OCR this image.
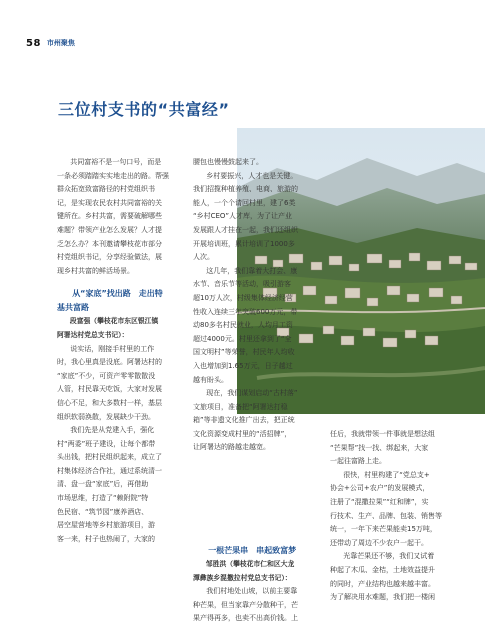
58 市州聚焦
三位村支书的“共富经”

共同富裕不是一句口号，而是

一条必须踏踏实实地走出的路。帮强

群众拓宽致富路径的村党组织书

记，是实现农民农村共同富裕的关

键所在。乡村共富，需要破解哪些

难题？带领产业怎么发展？人才提

乏怎么办？本刊邀请攀枝花市部分

村党组织书记，分享经验做法，展

现乡村共富的鲜活场景。

从“家底”找出路　走出特

基共富路

段富强（攀枝花市东区银江镇

阿署达村党总支书记）：

说实话，刚接手村里的工作

时，我心里真是没底。阿署达村的

“家底”不少，可资产零零散散没

人管，村民靠天吃饭，大家对发展

信心不足，和大多数村一样，基层

组织软弱涣散，发展缺少干劲。

我们先是从党建入手，强化

村“两委”班子建设，让每个都带

头出钱，把村民组织起来，成立了

村集体经济合作社，通过系统清一

清、盘一盘“家底”后，再借助

市场思维，打造了“赖附院”特

色民宿、“筑节园”康养酒店、

居空屋营地等乡村旅游项目，游

客一来，村子也热闹了，大家的

腰包也慢慢鼓起来了。

乡村要振兴，人才也是关键。

我们招揽种植养殖、电商、旅游的

能人，一个个请回村里，建了6类

“乡村CEO”人才库，为了让产业

发展跟人才挂在一起，我们还组织

开展培训班，累计培训了1000多

人次。

这几年，我们靠着大打会、康

水节、音乐节等活动，吸引游客

超10万人次，村级集体经济经营

性收入连续三年突破600万元，带

动80多名村民就业，人均月工资

超过4000元。村里还拿到了“全

国文明村”等荣誉，村民年人均收

入也增加到1.65万元，日子越过

越有盼头。

现在，我们谋划启动“古村落”

文旅项目，准备把“阿署达打稳

箱”等非遗文化推广出去，把正统

文化资源变成村里的“活招牌”，

让阿署达的路越走越宽。

一根芒果串　串起致富梦

邹胜洪（攀枝花市仁和区大龙

潭彝族乡混撒拉村党总支书记）：

我们村地处山坡，以前主要靠

种芒果，但当家靠产分散种干，芒

果产得再多，也卖不出高价钱。上

任后，我就带领一件事就是想法组

“芒果帮”找一找、绑起来，大家

一起往富路上走。

很快，村里构建了“党总支+

协会+公司+农户”的发展模式，

注册了“混撒拉果”“红和牌”，实

行技术、生产、品牌、包装、销售等

统一，一年下来芒果能卖15万吨，

还带动了周边不少农户一起干。

光靠芒果还不够，我们又试着

种起了木瓜、金桔，土地效益提升

的同时，产业结构也越来越丰富。

为了解决用水难题，我们把一楼闲
